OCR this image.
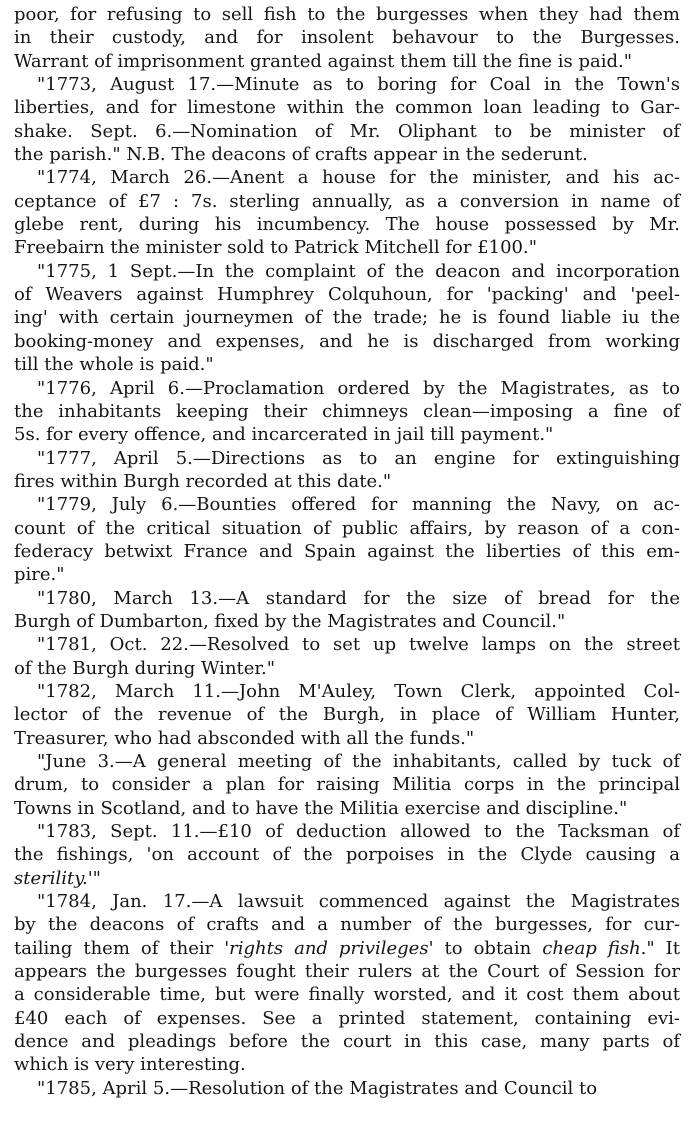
poor, for refusing to sell fish to the burgesses when they had them
in their custody, and for insolent behavour to the Burgesses.
Warrant of imprisonment granted against them till the fine is paid."

"1773, August 17.—Minute as to boring for Coal in the Town's
liberties, and for limestone within the common loan leading to Gar-
shake. Sept. 6.—Nomination of Mr. Oliphant to be minister of
the parish." N.B. The deacons of crafts appear in the sederunt.

"1774, March 26.—Anent a house for the minister, and his ac-
ceptance of £7 : 7s. sterling annually, as a conversion in name of
glebe rent, during his incumbency. The house possessed by Mr.
Freebairn the minister sold to Patrick Mitchell for £100."

"1775, 1 Sept.—In the complaint of the deacon and incorporation
of Weavers against Humphrey Colquhoun, for 'packing' and 'peel-
ing' with certain journeymen of the trade; he is found liable iu the
booking-money and expenses, and he is discharged from working
till the whole is paid."

"1776, April 6.—Proclamation ordered by the Magistrates, as to
the inhabitants keeping their chimneys clean—imposing a fine of
5s. for every offence, and incarcerated in jail till payment."

"1777, April 5.—Directions as to an engine for extinguishing
fires within Burgh recorded at this date."

"1779, July 6.—Bounties offered for manning the Navy, on ac-
count of the critical situation of public affairs, by reason of a con-
federacy betwixt France and Spain against the liberties of this em-
pire."

"1780, March 13.—A standard for the size of bread for the
Burgh of Dumbarton, fixed by the Magistrates and Council."

"1781, Oct. 22.—Resolved to set up twelve lamps on the street
of the Burgh during Winter."

"1782, March 11.—John M'Auley, Town Clerk, appointed Col-
lector of the revenue of the Burgh, in place of William Hunter,
Treasurer, who had absconded with all the funds."

"June 3.—A general meeting of the inhabitants, called by tuck of
drum, to consider a plan for raising Militia corps in the principal
Towns in Scotland, and to have the Militia exercise and discipline."

"1783, Sept. 11.—£10 of deduction allowed to the Tacksman of
the fishings, 'on account of the porpoises in the Clyde causing a
sterility.'"

"1784, Jan. 17.—A lawsuit commenced against the Magistrates
by the deacons of crafts and a number of the burgesses, for cur-
tailing them of their 'rights and privileges' to obtain cheap fish." It
appears the burgesses fought their rulers at the Court of Session for
a considerable time, but were finally worsted, and it cost them about
£40 each of expenses. See a printed statement, containing evi-
dence and pleadings before the court in this case, many parts of
which is very interesting.

"1785, April 5.—Resolution of the Magistrates and Council to
